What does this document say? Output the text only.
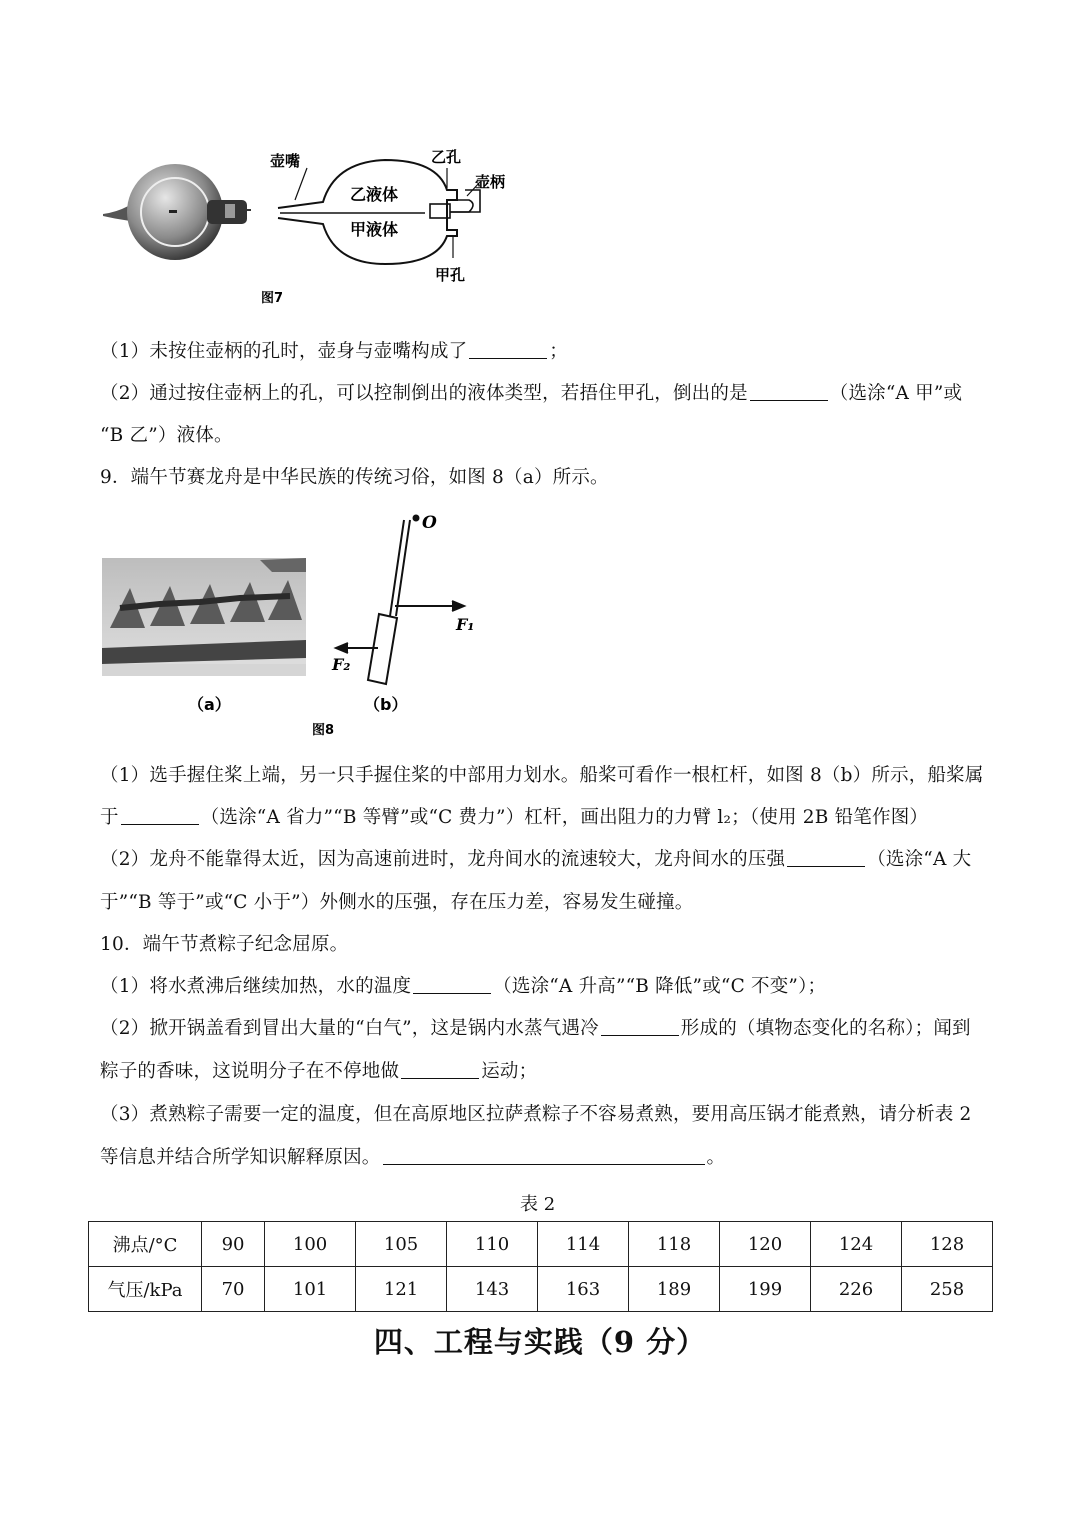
壶嘴
乙液体
甲液体
乙孔
壶柄
甲孔
图7
（1）未按住壶柄的孔时，壶身与壶嘴构成了	；
（2）通过按住壶柄上的孔，可以控制倒出的液体类型，若捂住甲孔，倒出的是	（选涂“A 甲”或
“B 乙”）液体。
9．端午节赛龙舟是中华民族的传统习俗，如图 8（a）所示。
O
F₁
F₂
（a）	（b）
图8
（1）选手握住桨上端，另一只手握住桨的中部用力划水。船桨可看作一根杠杆，如图 8（b）所示，船桨属
于	（选涂“A 省力”“B 等臂”或“C 费力”）杠杆，画出阻力的力臂 l₂；（使用 2B 铅笔作图）
（2）龙舟不能靠得太近，因为高速前进时，龙舟间水的流速较大，龙舟间水的压强	（选涂“A 大
于”“B 等于”或“C 小于”）外侧水的压强，存在压力差，容易发生碰撞。
10．端午节煮粽子纪念屈原。
（1）将水煮沸后继续加热，水的温度	（选涂“A 升高”“B 降低”或“C 不变”）；
（2）掀开锅盖看到冒出大量的“白气”，这是锅内水蒸气遇冷	形成的（填物态变化的名称）；闻到
粽子的香味，这说明分子在不停地做	运动；
（3）煮熟粽子需要一定的温度，但在高原地区拉萨煮粽子不容易煮熟，要用高压锅才能煮熟，请分析表 2
等信息并结合所学知识解释原因。	。
表 2
沸点/°C	90	100	105	110	114	118	120	124	128
气压/kPa	70	101	121	143	163	189	199	226	258
四、工程与实践（9 分）
